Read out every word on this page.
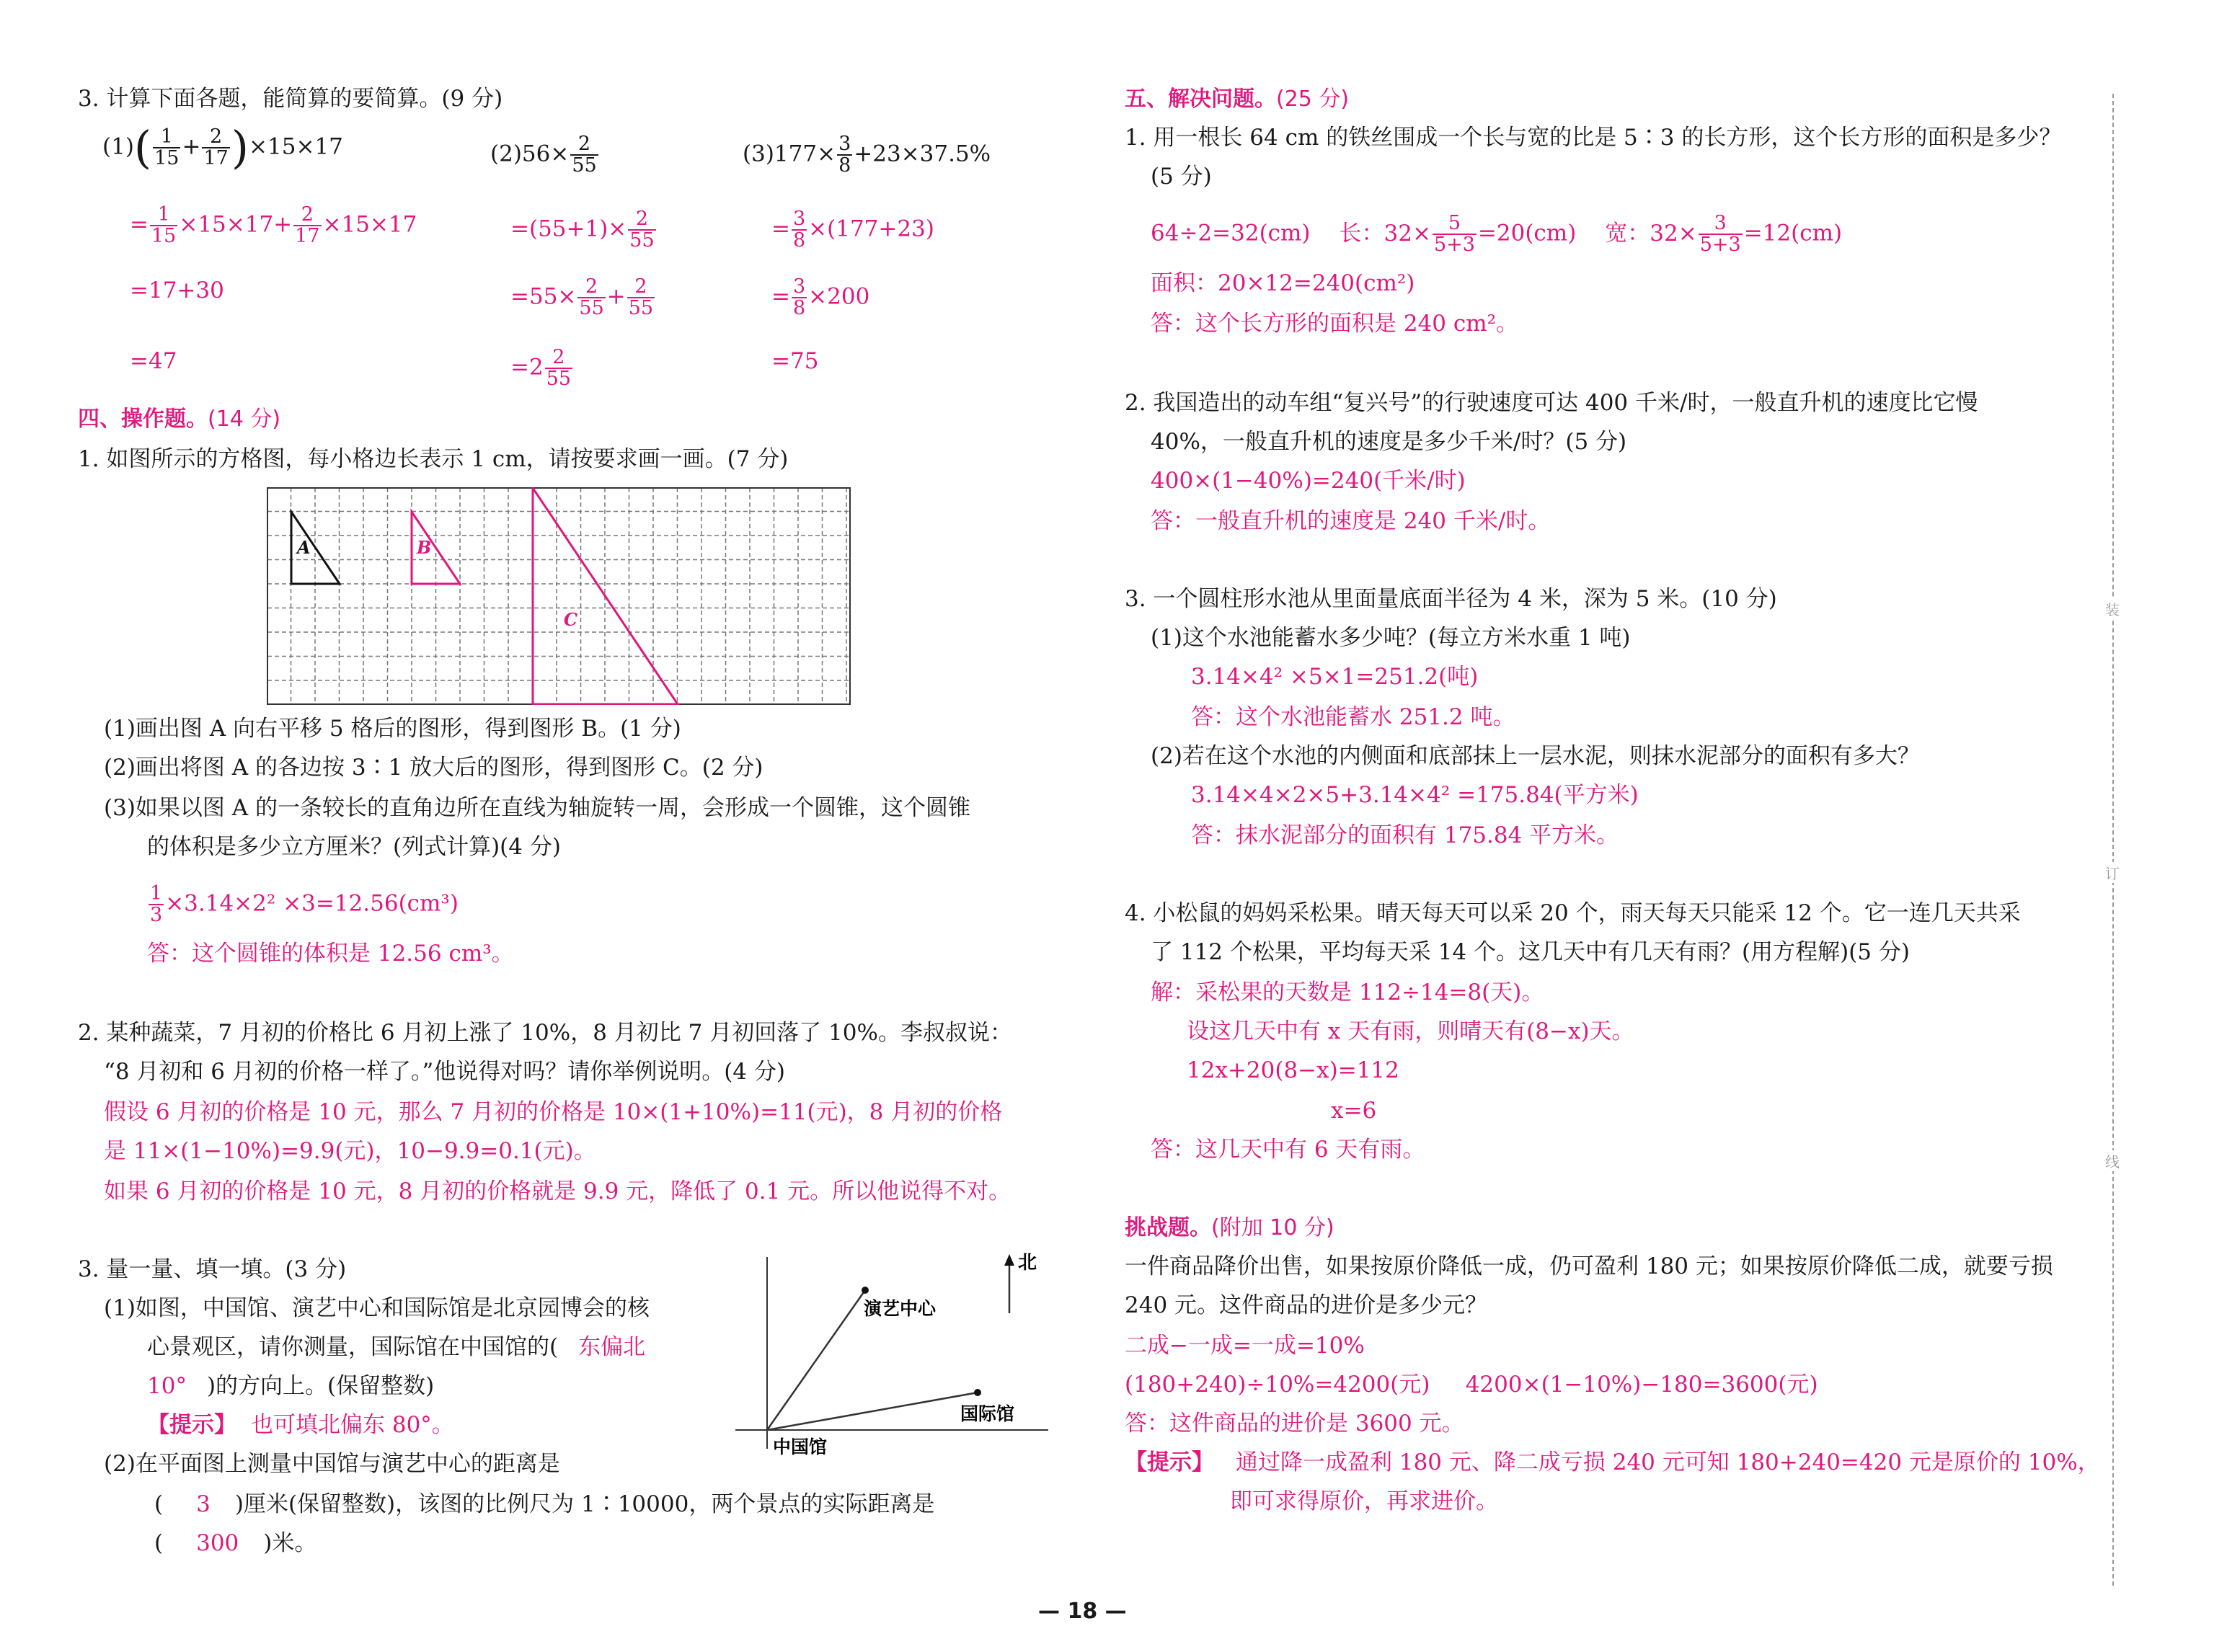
3. 计算下面各题，能简算的要简算。(9 分)
$(1)( \frac{1}{15} + \frac{2}{17} )\times 15\times 17$
= $\frac{1}{15} \times 15\times 17+ \frac{2}{17} \times 15\times 17$
=17+30
=47
$(2)56\times \frac{2}{55}$
$=(55+1)\times \frac{2}{55}$
$=55\times \frac{2}{55} + \frac{2}{55}$
$=2 \frac{2}{55}$
$(3)177\times \frac{3}{8} +23\times 37.5\%$
= $\frac{3}{8} \times(177+23)$
= $\frac{3}{8} \times 200$
=75
四、操作题。(14 分)
1. 如图所示的方格图，每小格边长表示 1 cm，请按要求画一画。(7 分)
A	B
C
(1)画出图 A 向右平移 5 格后的图形，得到图形 B。(1 分)
(2)画出将图 A 的各边按 3∶1 放大后的图形，得到图形 C。(2 分)
(3)如果以图 A 的一条较长的直角边所在直线为轴旋转一周，会形成一个圆锥，这个圆锥
的体积是多少立方厘米？(列式计算)(4 分)
$\frac{1}{3} \times 3.14\times 2^2 \times 3=12.56(cm^3)$
答：这个圆锥的体积是 12.56 cm³。
2. 某种蔬菜，7 月初的价格比 6 月初上涨了 10%，8 月初比 7 月初回落了 10%。李叔叔说：
“8 月初和 6 月初的价格一样了。”他说得对吗？请你举例说明。(4 分)
假设 6 月初的价格是 10 元，那么 7 月初的价格是 10×(1+10%)=11(元)，8 月初的价格
是 11×(1−10%)=9.9(元)，10−9.9=0.1(元)。
如果 6 月初的价格是 10 元，8 月初的价格就是 9.9 元，降低了 0.1 元。所以他说得不对。
3. 量一量、填一填。(3 分)
(1)如图，中国馆、演艺中心和国际馆是北京园博会的核
心景观区，请你测量，国际馆在中国馆的( 东偏北
10° )的方向上。(保留整数)
【提示】 也可填北偏东 80°。
(2)在平面图上测量中国馆与演艺中心的距离是
( 3 )厘米(保留整数)，该图的比例尺为 1∶10000，两个景点的实际距离是
( 300 )米。
北
演艺中心
国际馆
中国馆
五、解决问题。(25 分)
1. 用一根长 64 cm 的铁丝围成一个长与宽的比是 5∶3 的长方形，这个长方形的面积是多少？
(5 分)
64÷2=32(cm) 长：$32\times \frac{5}{5+3} =20(cm)$ 宽：$32\times \frac{3}{5+3} =12(cm)$
面积：20×12=240(cm²)
答：这个长方形的面积是 240 cm²。
2. 我国造出的动车组“复兴号”的行驶速度可达 400 千米/时，一般直升机的速度比它慢
40%，一般直升机的速度是多少千米/时？(5 分)
400×(1−40%)=240(千米/时)
答：一般直升机的速度是 240 千米/时。
3. 一个圆柱形水池从里面量底面半径为 4 米，深为 5 米。(10 分)
(1)这个水池能蓄水多少吨？(每立方米水重 1 吨)
3.14×4² ×5×1=251.2(吨)
答：这个水池能蓄水 251.2 吨。
(2)若在这个水池的内侧面和底部抹上一层水泥，则抹水泥部分的面积有多大？
3.14×4×2×5+3.14×4² =175.84(平方米)
答：抹水泥部分的面积有 175.84 平方米。
4. 小松鼠的妈妈采松果。晴天每天可以采 20 个，雨天每天只能采 12 个。它一连几天共采
了 112 个松果，平均每天采 14 个。这几天中有几天有雨？(用方程解)(5 分)
解：采松果的天数是 112÷14=8(天)。
设这几天中有 x 天有雨，则晴天有(8−x)天。
12x+20(8−x)=112
x=6
答：这几天中有 6 天有雨。
挑战题。(附加 10 分)
一件商品降价出售，如果按原价降低一成，仍可盈利 180 元；如果按原价降低二成，就要亏损
240 元。这件商品的进价是多少元？
二成−一成=一成=10%
(180+240)÷10%=4200(元)     4200×(1−10%)−180=3600(元)
答：这件商品的进价是 3600 元。
【提示】 通过降一成盈利 180 元、降二成亏损 240 元可知 180+240=420 元是原价的 10%，
即可求得原价，再求进价。
装
订
线
— 18 —
